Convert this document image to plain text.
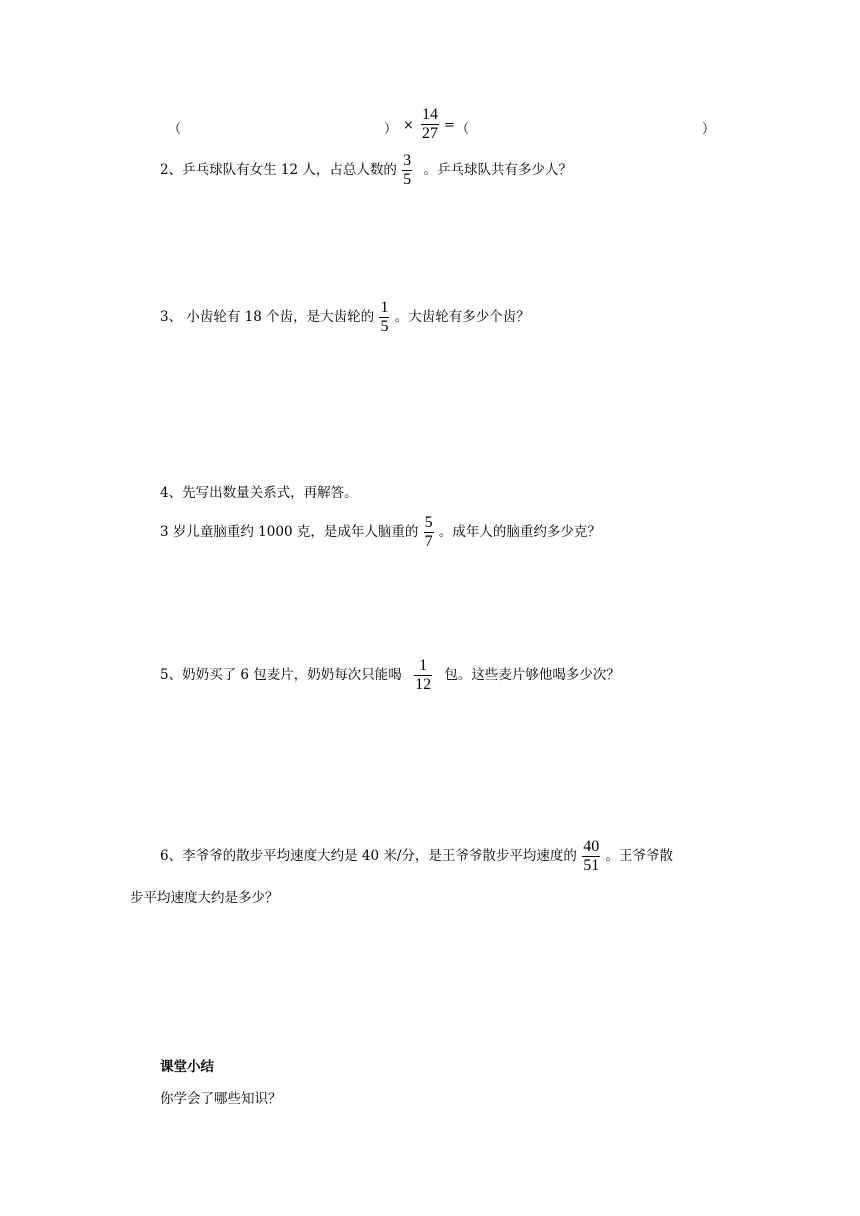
（	） ×
14
27 = （	）
2、乒乓球队有女生 12 人，占总人数的 $\frac{3}{5}$ 。乒乓球队共有多少人？
3、 小齿轮有 18 个齿，是大齿轮的 $\frac{1}{5}$ 。大齿轮有多少个齿？
4、先写出数量关系式，再解答。
3 岁儿童脑重约 1000 克，是成年人脑重的 $\frac{5}{7}$ 。成年人的脑重约多少克？
5、奶奶买了 6 包麦片，奶奶每次只能喝 $\frac{1}{12}$ 包。这些麦片够他喝多少次？
6、李爷爷的散步平均速度大约是 40 米/分，是王爷爷散步平均速度的 $\frac{40}{51}$ 。王爷爷散
步平均速度大约是多少？
课堂小结
你学会了哪些知识？
